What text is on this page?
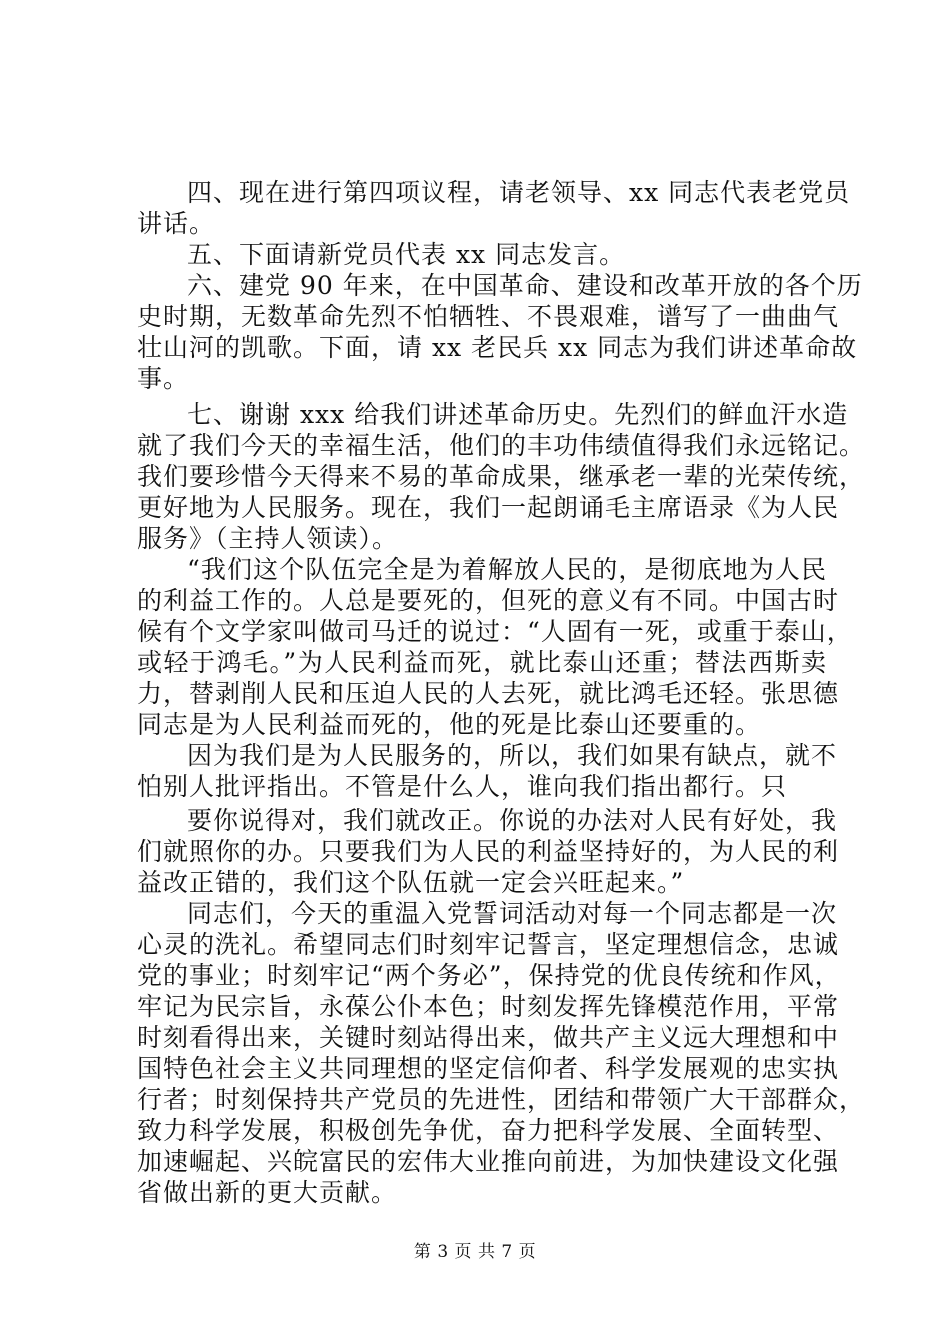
四、现在进行第四项议程，请老领导、xx 同志代表老党员
讲话。
五、下面请新党员代表 xx 同志发言。
六、建党 90 年来，在中国革命、建设和改革开放的各个历
史时期，无数革命先烈不怕牺牲、不畏艰难，谱写了一曲曲气
壮山河的凯歌。下面，请 xx 老民兵 xx 同志为我们讲述革命故
事。
七、谢谢 xxx 给我们讲述革命历史。先烈们的鲜血汗水造
就了我们今天的幸福生活，他们的丰功伟绩值得我们永远铭记。
我们要珍惜今天得来不易的革命成果，继承老一辈的光荣传统，
更好地为人民服务。现在，我们一起朗诵毛主席语录《为人民
服务》（主持人领读）。
“我们这个队伍完全是为着解放人民的，是彻底地为人民
的利益工作的。人总是要死的，但死的意义有不同。中国古时
候有个文学家叫做司马迁的说过：“人固有一死，或重于泰山，
或轻于鸿毛。”为人民利益而死，就比泰山还重；替法西斯卖
力，替剥削人民和压迫人民的人去死，就比鸿毛还轻。张思德
同志是为人民利益而死的，他的死是比泰山还要重的。
因为我们是为人民服务的，所以，我们如果有缺点，就不
怕别人批评指出。不管是什么人，谁向我们指出都行。只
要你说得对，我们就改正。你说的办法对人民有好处，我
们就照你的办。只要我们为人民的利益坚持好的，为人民的利
益改正错的，我们这个队伍就一定会兴旺起来。”
同志们，今天的重温入党誓词活动对每一个同志都是一次
心灵的洗礼。希望同志们时刻牢记誓言，坚定理想信念，忠诚
党的事业；时刻牢记“两个务必”，保持党的优良传统和作风，
牢记为民宗旨，永葆公仆本色；时刻发挥先锋模范作用，平常
时刻看得出来，关键时刻站得出来，做共产主义远大理想和中
国特色社会主义共同理想的坚定信仰者、科学发展观的忠实执
行者；时刻保持共产党员的先进性，团结和带领广大干部群众，
致力科学发展，积极创先争优，奋力把科学发展、全面转型、
加速崛起、兴皖富民的宏伟大业推向前进，为加快建设文化强
省做出新的更大贡献。
第 3 页 共 7 页
